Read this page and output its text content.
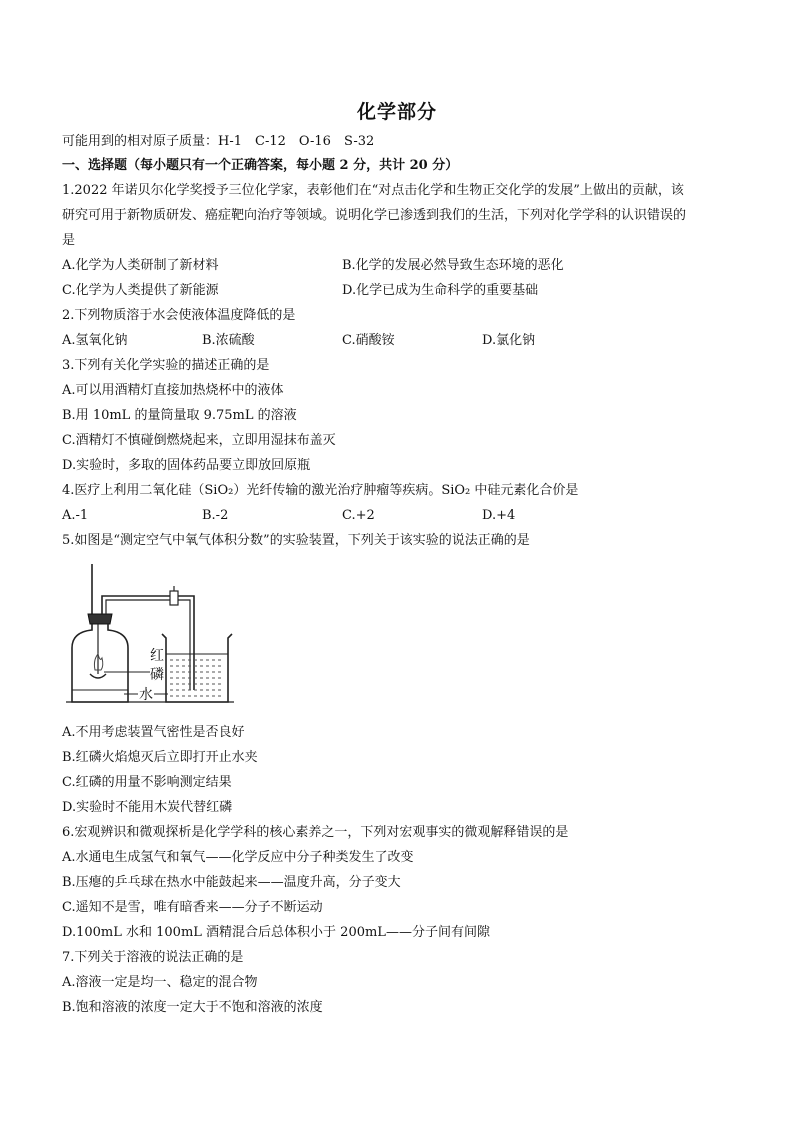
化学部分
可能用到的相对原子质量：H-1　C-12　O-16　S-32
一、选择题（每小题只有一个正确答案，每小题 2 分，共计 20 分）
1.2022 年诺贝尔化学奖授予三位化学家，表彰他们在“对点击化学和生物正交化学的发展”上做出的贡献，该
研究可用于新物质研发、癌症靶向治疗等领域。说明化学已渗透到我们的生活，下列对化学学科的认识错误的
是
A.化学为人类研制了新材料	B.化学的发展必然导致生态环境的恶化
C.化学为人类提供了新能源	D.化学已成为生命科学的重要基础
2.下列物质溶于水会使液体温度降低的是
A.氢氧化钠	B.浓硫酸	C.硝酸铵	D.氯化钠
3.下列有关化学实验的描述正确的是
A.可以用酒精灯直接加热烧杯中的液体
B.用 10mL 的量筒量取 9.75mL 的溶液
C.酒精灯不慎碰倒燃烧起来，立即用湿抹布盖灭
D.实验时，多取的固体药品要立即放回原瓶
4.医疗上利用二氧化硅（SiO₂）光纤传输的激光治疗肿瘤等疾病。SiO₂ 中硅元素化合价是
A.-1	B.-2	C.+2	D.+4
5.如图是“测定空气中氧气体积分数”的实验装置，下列关于该实验的说法正确的是
红
磷
水
A.不用考虑装置气密性是否良好
B.红磷火焰熄灭后立即打开止水夹
C.红磷的用量不影响测定结果
D.实验时不能用木炭代替红磷
6.宏观辨识和微观探析是化学学科的核心素养之一，下列对宏观事实的微观解释错误的是
A.水通电生成氢气和氧气——化学反应中分子种类发生了改变
B.压瘪的乒乓球在热水中能鼓起来——温度升高，分子变大
C.遥知不是雪，唯有暗香来——分子不断运动
D.100mL 水和 100mL 酒精混合后总体积小于 200mL——分子间有间隙
7.下列关于溶液的说法正确的是
A.溶液一定是均一、稳定的混合物
B.饱和溶液的浓度一定大于不饱和溶液的浓度
